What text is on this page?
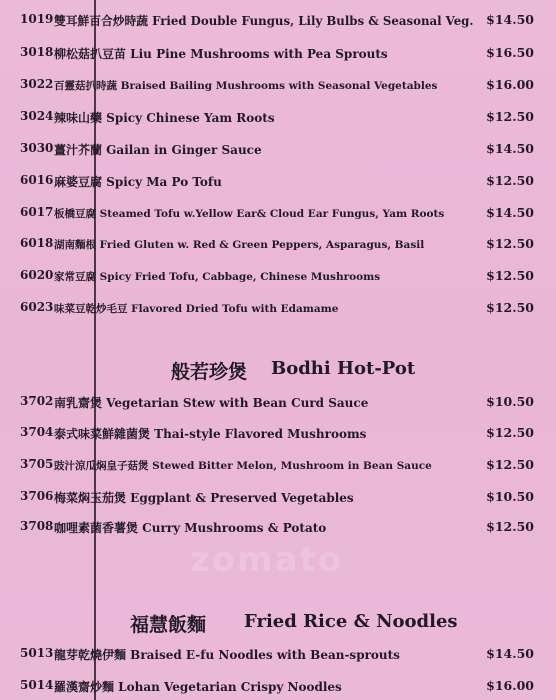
1019 雙耳鮮百合炒時蔬 Fried Double Fungus, Lily Bulbs & Seasonal Veg. $14.50
3018 柳松菇扒豆苗 Liu Pine Mushrooms with Pea Sprouts	$16.50
3022 百靈菇扒時蔬 Braised Bailing Mushrooms with Seasonal Vegetables	$16.00
3024 辣味山藥 Spicy Chinese Yam Roots	$12.50
3030 薑汁芥蘭 Gailan in Ginger Sauce	$14.50
6016 麻婆豆腐 Spicy Ma Po Tofu	$12.50
6017 板橋豆腐 Steamed Tofu w.Yellow Ear& Cloud Ear Fungus, Yam Roots	$14.50
6018 湖南麵根 Fried Gluten w. Red & Green Peppers, Asparagus, Basil	$12.50
6020 家常豆腐 Spicy Fried Tofu, Cabbage, Chinese Mushrooms	$12.50
6023 味菜豆乾炒毛豆 Flavored Dried Tofu with Edamame	$12.50
般若珍煲 Bodhi Hot-Pot
3702 南乳齋煲 Vegetarian Stew with Bean Curd Sauce	$10.50
3704 泰式味菜鮮雜菌煲 Thai-style Flavored Mushrooms	$12.50
3705 豉汁涼瓜焖皇子菇煲 Stewed Bitter Melon, Mushroom in Bean Sauce	$12.50
3706 梅菜焖玉茄煲 Eggplant & Preserved Vegetables	$10.50
3708 咖哩素菌香薯煲 Curry Mushrooms & Potato	$12.50
zomato
福慧飯麵 Fried Rice & Noodles
5013 龍芽乾燒伊麵 Braised E-fu Noodles with Bean-sprouts	$14.50
5014 羅漢齋炒麵 Lohan Vegetarian Crispy Noodles	$16.00
